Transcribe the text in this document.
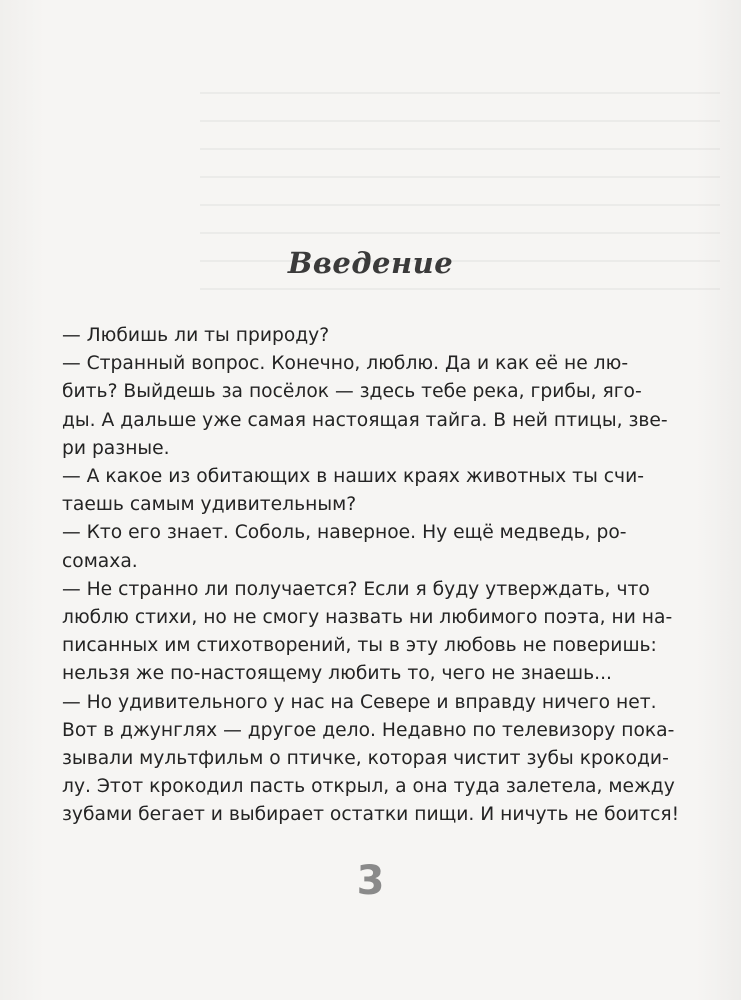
Введение
— Любишь ли ты природу?
— Странный вопрос. Конечно, люблю. Да и как её не лю-
бить? Выйдешь за посёлок — здесь тебе река, грибы, яго-
ды. А дальше уже самая настоящая тайга. В ней птицы, зве-
ри разные.
— А какое из обитающих в наших краях животных ты счи-
таешь самым удивительным?
— Кто его знает. Соболь, наверное. Ну ещё медведь, ро-
сомаха.
— Не странно ли получается? Если я буду утверждать, что
люблю стихи, но не смогу назвать ни любимого поэта, ни на-
писанных им стихотворений, ты в эту любовь не поверишь:
нельзя же по-настоящему любить то, чего не знаешь...
— Но удивительного у нас на Севере и вправду ничего нет.
Вот в джунглях — другое дело. Недавно по телевизору пока-
зывали мультфильм о птичке, которая чистит зубы крокоди-
лу. Этот крокодил пасть открыл, а она туда залетела, между
зубами бегает и выбирает остатки пищи. И ничуть не боится!
3
